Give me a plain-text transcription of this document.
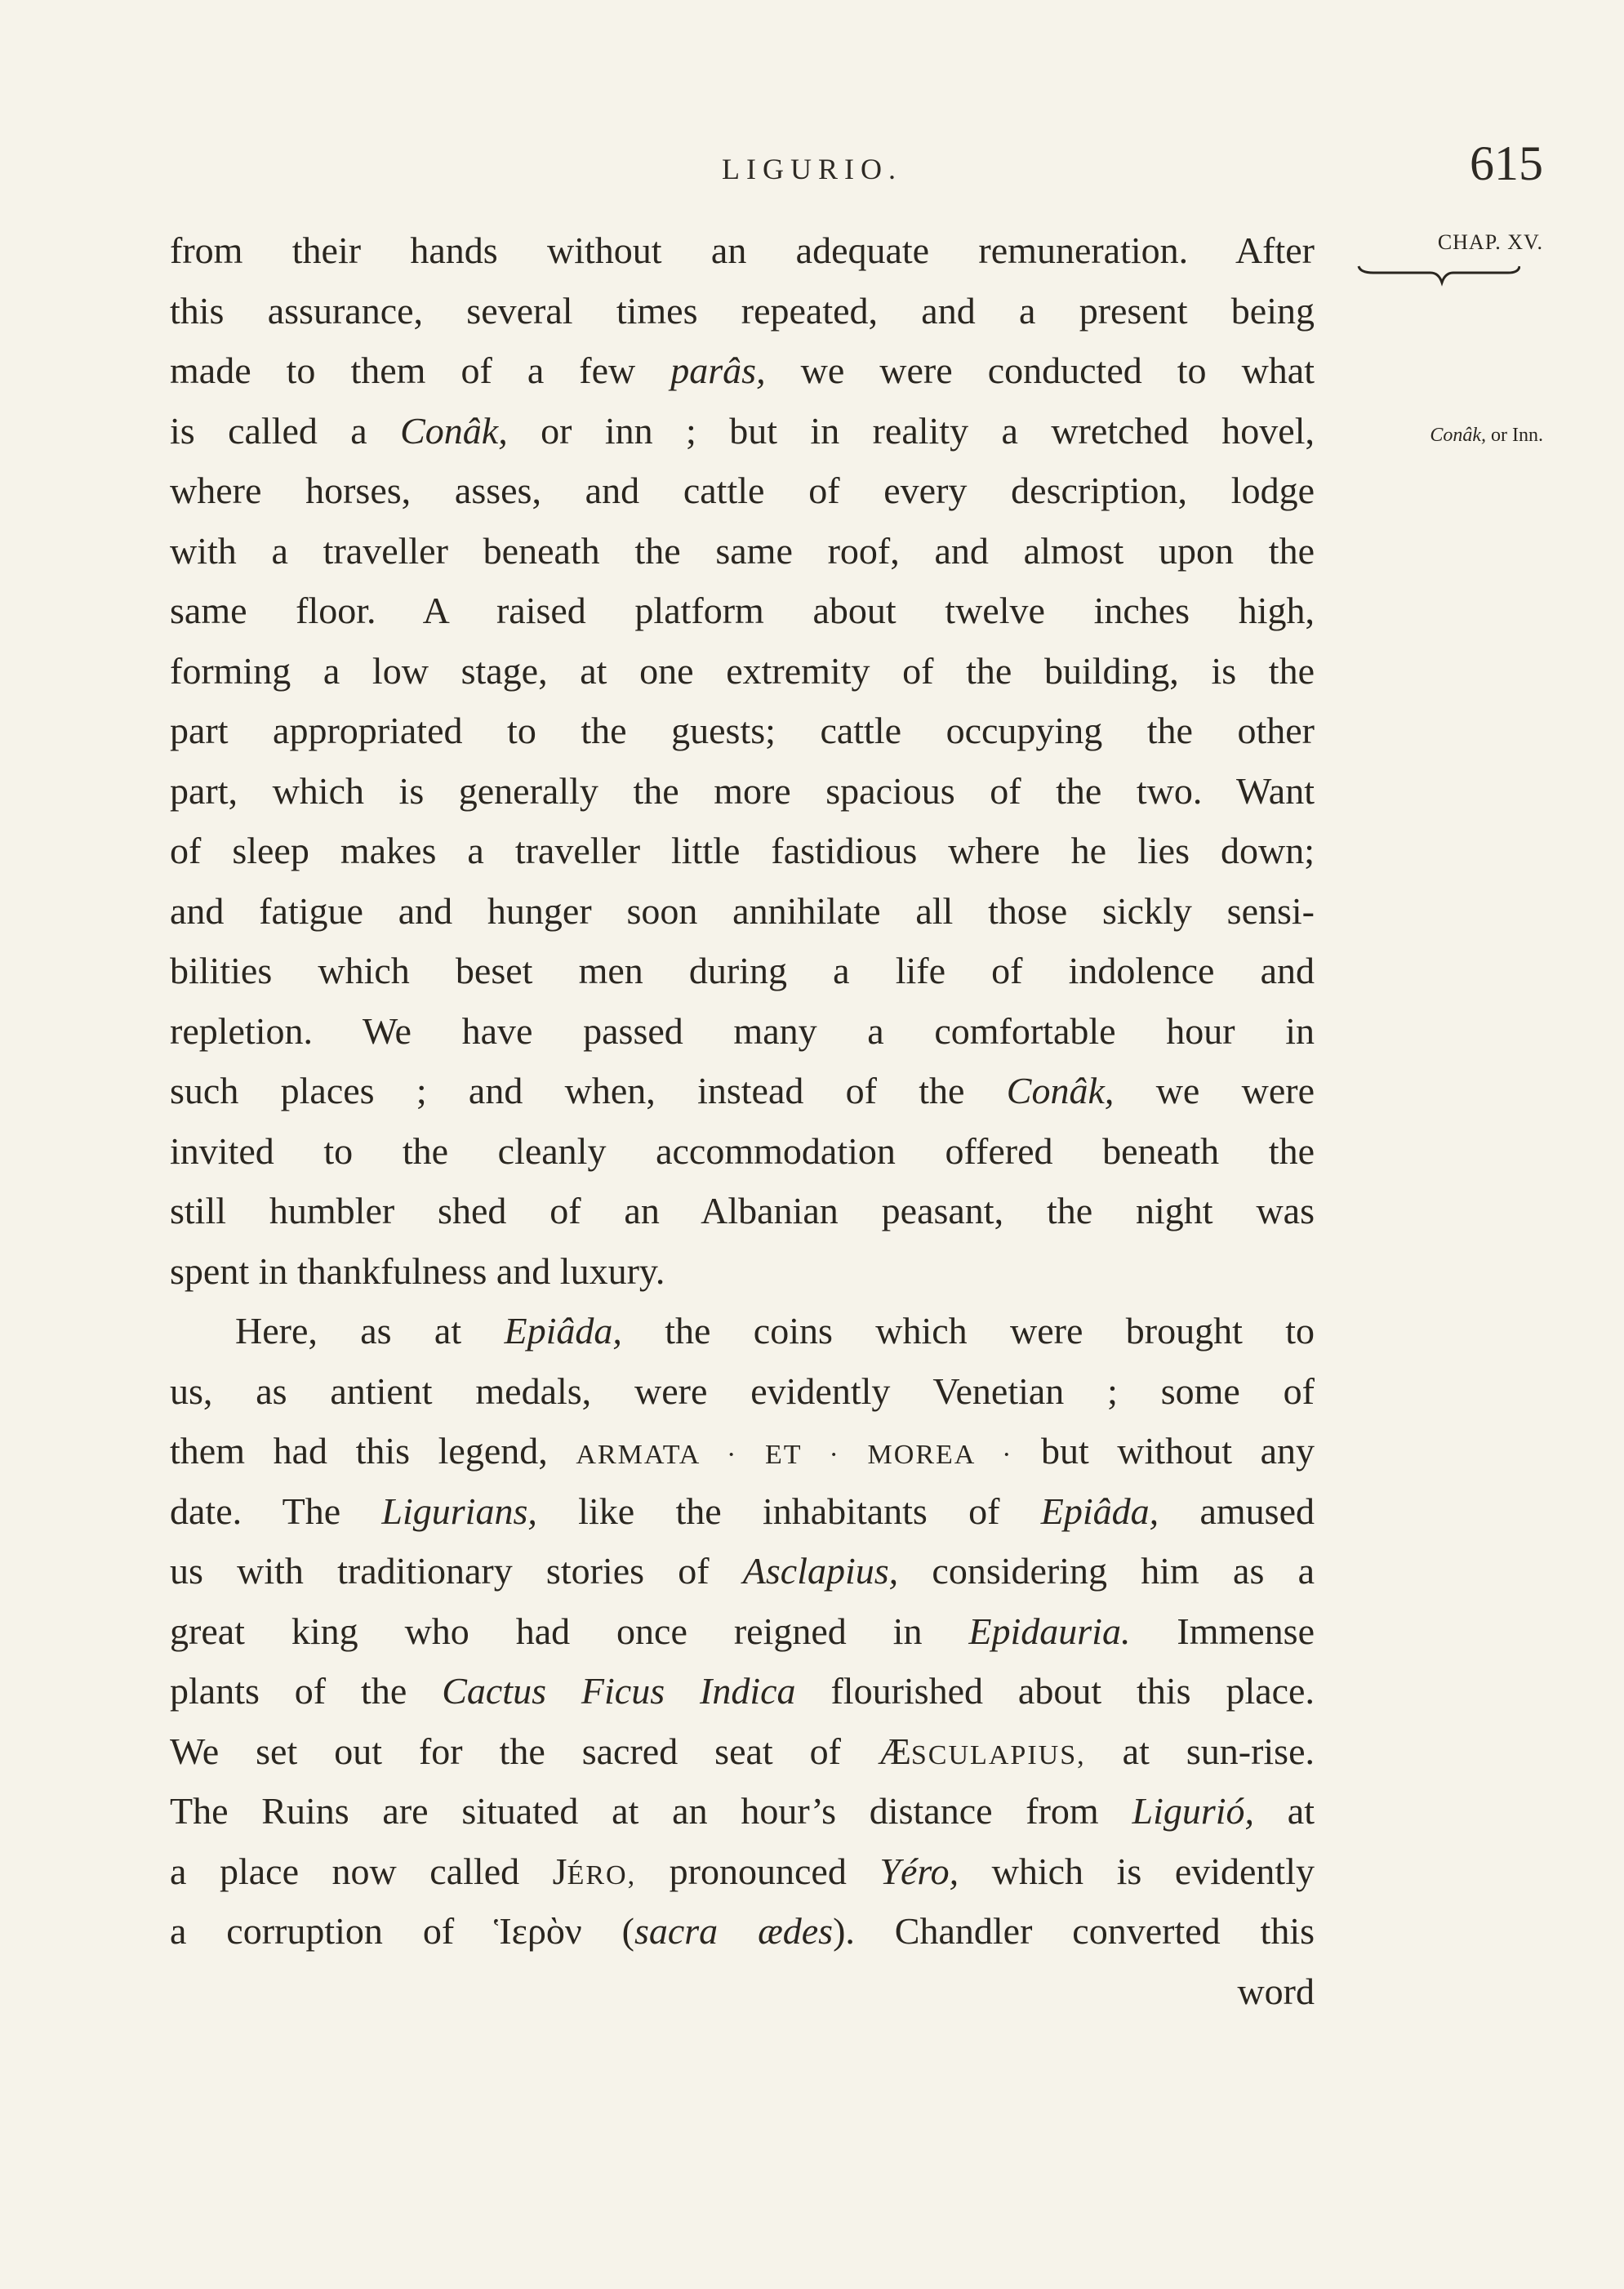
LIGURIO.	615
CHAP. XV.
Conâk, or Inn.
from their hands without an adequate remuneration. After
this assurance, several times repeated, and a present being
made to them of a few parâs, we were conducted to what
is called a Conâk, or inn ; but in reality a wretched hovel,
where horses, asses, and cattle of every description, lodge
with a traveller beneath the same roof, and almost upon the
same floor. A raised platform about twelve inches high,
forming a low stage, at one extremity of the building, is the
part appropriated to the guests; cattle occupying the other
part, which is generally the more spacious of the two. Want
of sleep makes a traveller little fastidious where he lies down;
and fatigue and hunger soon annihilate all those sickly sensi-
bilities which beset men during a life of indolence and
repletion. We have passed many a comfortable hour in
such places ; and when, instead of the Conâk, we were
invited to the cleanly accommodation offered beneath the
still humbler shed of an Albanian peasant, the night was
spent in thankfulness and luxury.
Here, as at Epiâda, the coins which were brought to
us, as antient medals, were evidently Venetian ; some of
them had this legend, ARMATA · ET · MOREA · but without any
date. The Ligurians, like the inhabitants of Epiâda, amused
us with traditionary stories of Asclapius, considering him as a
great king who had once reigned in Epidauria. Immense
plants of the Cactus Ficus Indica flourished about this place.
We set out for the sacred seat of ÆSCULAPIUS, at sun-rise.
The Ruins are situated at an hour’s distance from Ligurió, at
a place now called JÉRO, pronounced Yéro, which is evidently
a corruption of Ἱερὸν (sacra ædes). Chandler converted this
word
